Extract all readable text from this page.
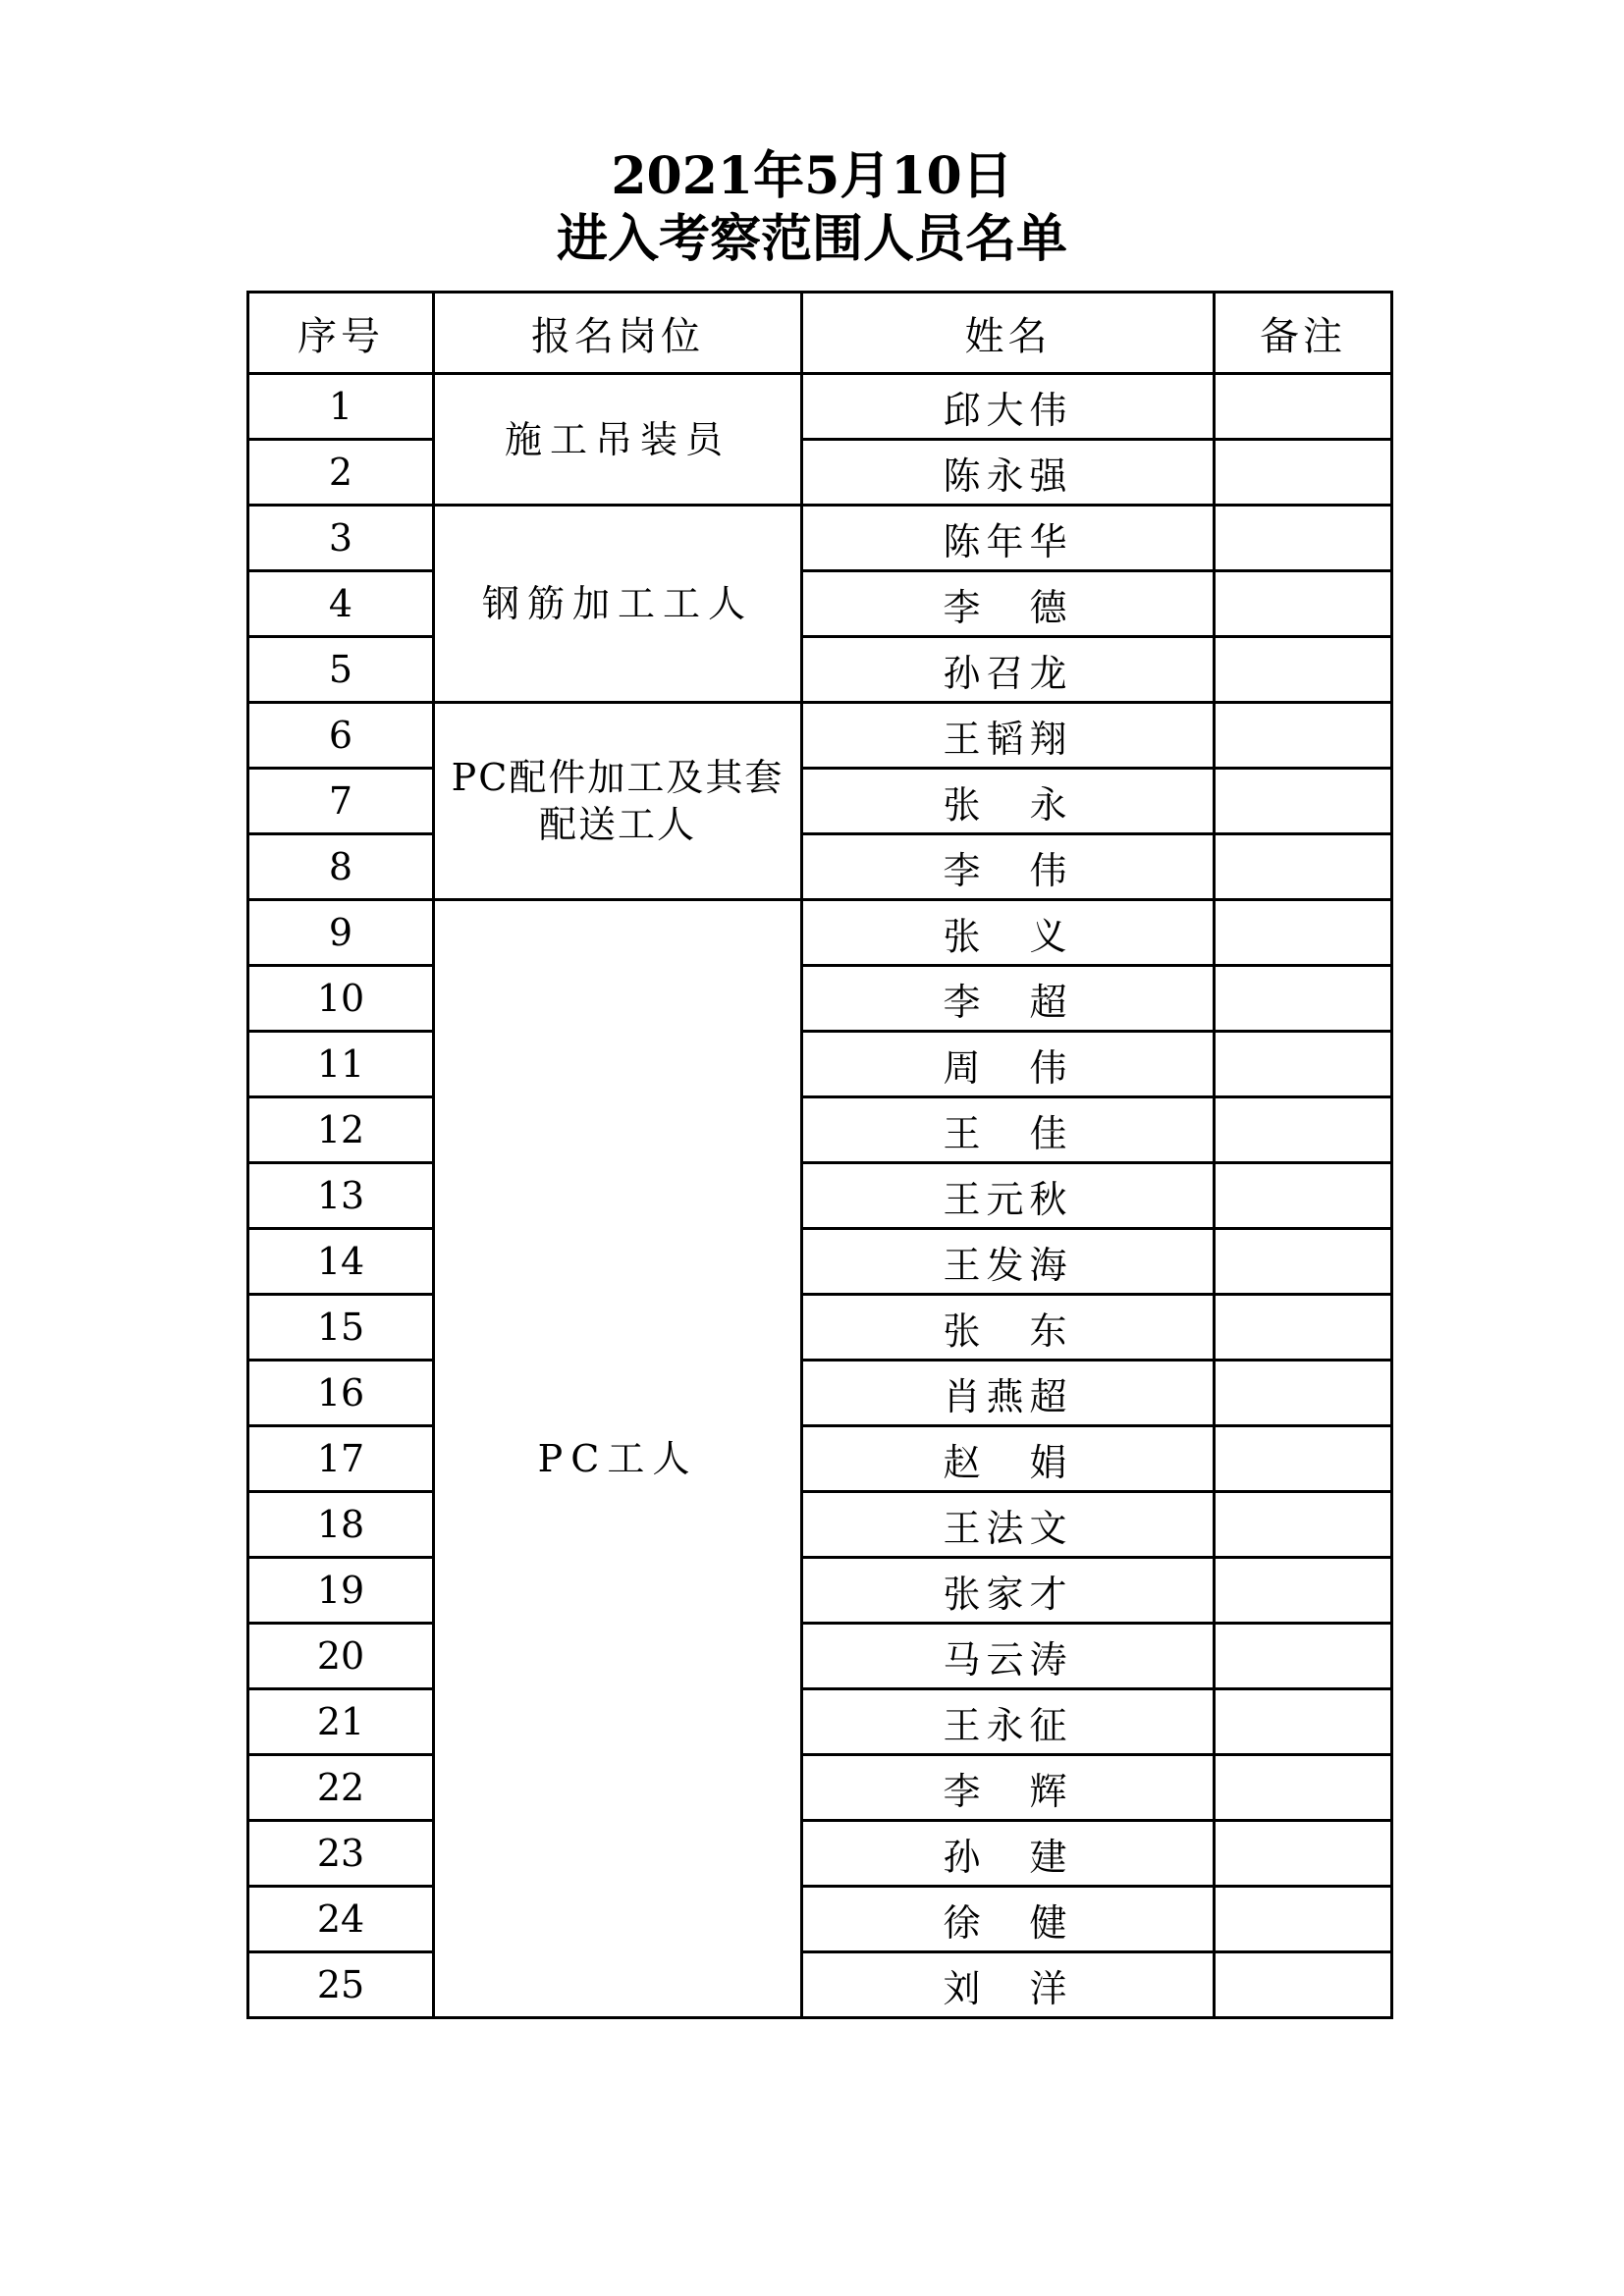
2021年5月10日
进入考察范围人员名单
序号	报名岗位	姓名	备注
1	施工吊装员	邱大伟	
2		陈永强	
3	钢筋加工工人	陈年华	
4		李　德	
5		孙召龙	
6	PC配件加工及其套配送工人	王韬翔	
7		张　永	
8		李　伟	
9	PC工人	张　义	
10		李　超	
11		周　伟	
12		王　佳	
13		王元秋	
14		王发海	
15		张　东	
16		肖燕超	
17		赵　娟	
18		王法文	
19		张家才	
20		马云涛	
21		王永征	
22		李　辉	
23		孙　建	
24		徐　健	
25		刘　洋	
